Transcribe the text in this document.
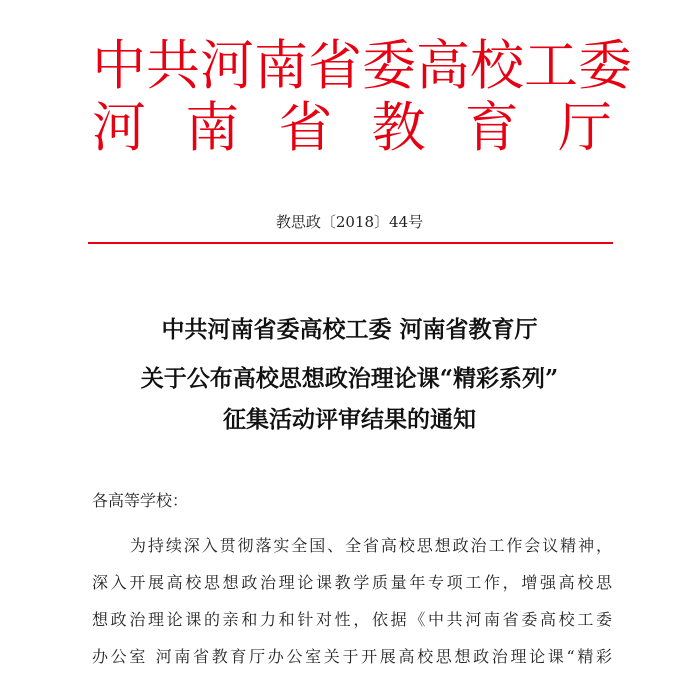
中共河南省委高校工委
河南省教育厅
教思政〔2018〕44号
中共河南省委高校工委 河南省教育厅
关于公布高校思想政治理论课“精彩系列”
征集活动评审结果的通知
各高等学校：
为持续深入贯彻落实全国、全省高校思想政治工作会议精神，
深入开展高校思想政治理论课教学质量年专项工作，增强高校思
想政治理论课的亲和力和针对性，依据《中共河南省委高校工委
办公室 河南省教育厅办公室关于开展高校思想政治理论课“精彩
